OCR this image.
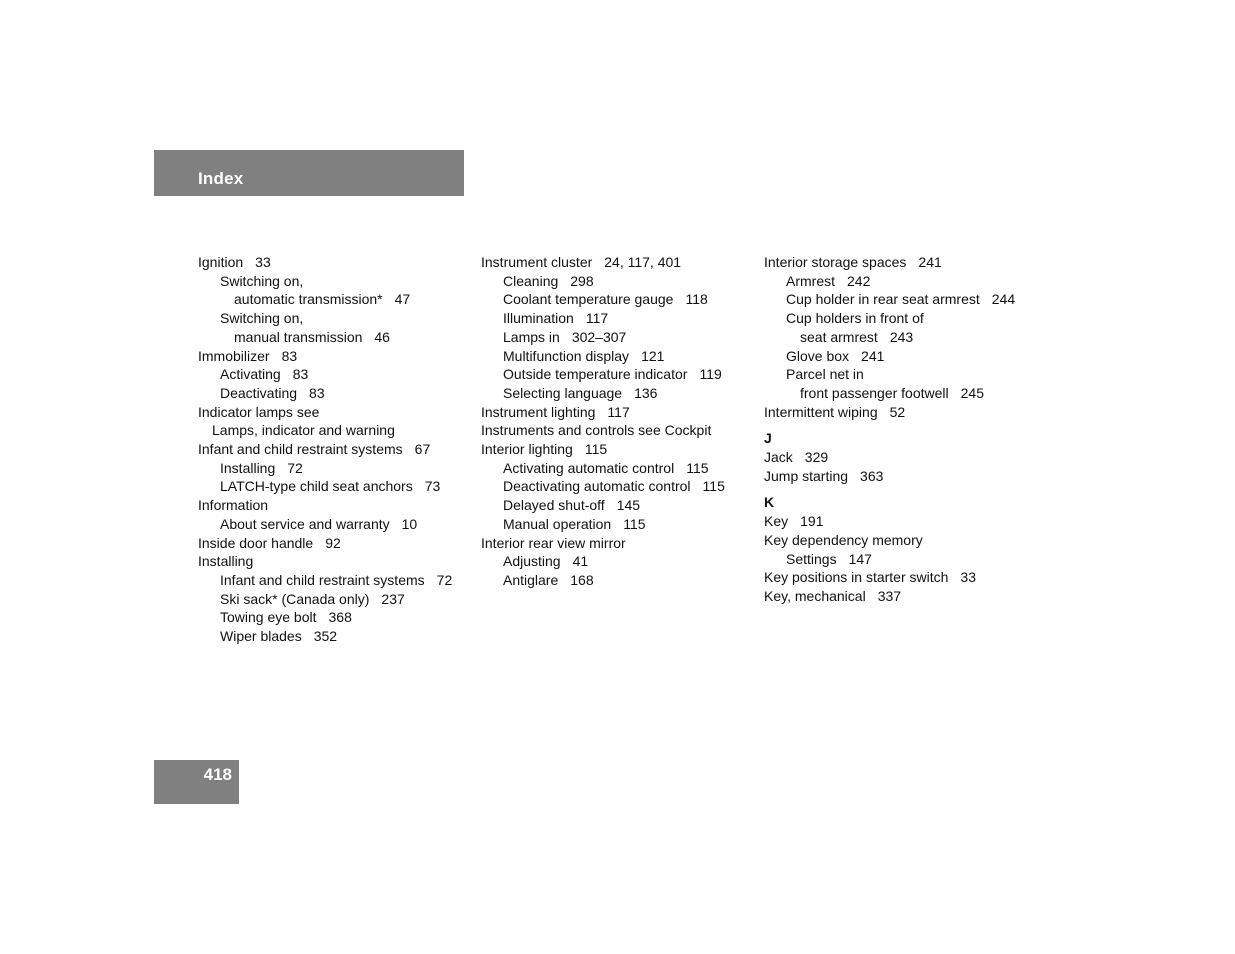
Index
Ignition 33
Switching on,
automatic transmission* 47
Switching on,
manual transmission 46
Immobilizer 83
Activating 83
Deactivating 83
Indicator lamps see
Lamps, indicator and warning
Infant and child restraint systems 67
Installing 72
LATCH-type child seat anchors 73
Information
About service and warranty 10
Inside door handle 92
Installing
Infant and child restraint systems 72
Ski sack* (Canada only) 237
Towing eye bolt 368
Wiper blades 352
Instrument cluster 24, 117, 401
Cleaning 298
Coolant temperature gauge 118
Illumination 117
Lamps in 302–307
Multifunction display 121
Outside temperature indicator 119
Selecting language 136
Instrument lighting 117
Instruments and controls see Cockpit
Interior lighting 115
Activating automatic control 115
Deactivating automatic control 115
Delayed shut-off 145
Manual operation 115
Interior rear view mirror
Adjusting 41
Antiglare 168
Interior storage spaces 241
Armrest 242
Cup holder in rear seat armrest 244
Cup holders in front of
seat armrest 243
Glove box 241
Parcel net in
front passenger footwell 245
Intermittent wiping 52
J
Jack 329
Jump starting 363
K
Key 191
Key dependency memory
Settings 147
Key positions in starter switch 33
Key, mechanical 337
418
